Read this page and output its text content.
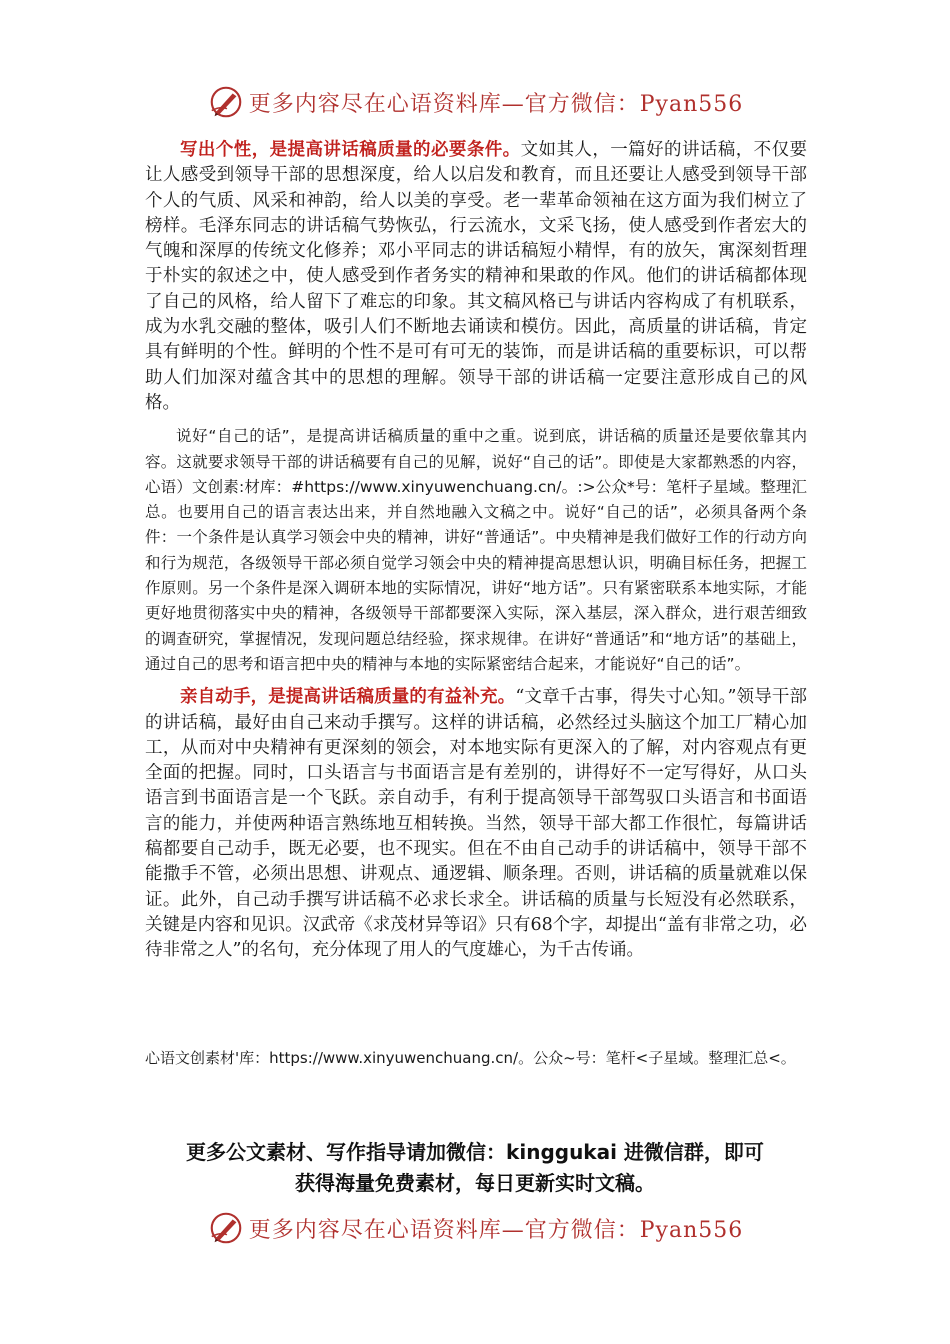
更多内容尽在心语资料库—官方微信：Pyan556

写出个性，是提高讲话稿质量的必要条件。文如其人，一篇好的讲话稿，不仅要让人感受到领导干部的思想深度，给人以启发和教育，而且还要让人感受到领导干部个人的气质、风采和神韵，给人以美的享受。老一辈革命领袖在这方面为我们树立了榜样。毛泽东同志的讲话稿气势恢弘，行云流水，文采飞扬，使人感受到作者宏大的气魄和深厚的传统文化修养；邓小平同志的讲话稿短小精悍，有的放矢，寓深刻哲理于朴实的叙述之中，使人感受到作者务实的精神和果敢的作风。他们的讲话稿都体现了自己的风格，给人留下了难忘的印象。其文稿风格已与讲话内容构成了有机联系，成为水乳交融的整体，吸引人们不断地去诵读和模仿。因此，高质量的讲话稿，肯定具有鲜明的个性。鲜明的个性不是可有可无的装饰，而是讲话稿的重要标识，可以帮助人们加深对蕴含其中的思想的理解。领导干部的讲话稿一定要注意形成自己的风格。

说好“自己的话”，是提高讲话稿质量的重中之重。说到底，讲话稿的质量还是要依靠其内容。这就要求领导干部的讲话稿要有自己的见解，说好“自己的话”。即使是大家都熟悉的内容，心语）文创素:材库：#https://www.xinyuwenchuang.cn/。:>公众*号：笔杆子星域。整理汇总。也要用自己的语言表达出来，并自然地融入文稿之中。说好“自己的话”，必须具备两个条件：一个条件是认真学习领会中央的精神，讲好“普通话”。中央精神是我们做好工作的行动方向和行为规范，各级领导干部必须自觉学习领会中央的精神提高思想认识，明确目标任务，把握工作原则。另一个条件是深入调研本地的实际情况，讲好“地方话”。只有紧密联系本地实际，才能更好地贯彻落实中央的精神，各级领导干部都要深入实际，深入基层，深入群众，进行艰苦细致的调查研究，掌握情况，发现问题总结经验，探求规律。在讲好“普通话”和“地方话”的基础上，通过自己的思考和语言把中央的精神与本地的实际紧密结合起来，才能说好“自己的话”。

亲自动手，是提高讲话稿质量的有益补充。“文章千古事，得失寸心知。”领导干部的讲话稿，最好由自己来动手撰写。这样的讲话稿，必然经过头脑这个加工厂精心加工，从而对中央精神有更深刻的领会，对本地实际有更深入的了解，对内容观点有更全面的把握。同时，口头语言与书面语言是有差别的，讲得好不一定写得好，从口头语言到书面语言是一个飞跃。亲自动手，有利于提高领导干部驾驭口头语言和书面语言的能力，并使两种语言熟练地互相转换。当然，领导干部大都工作很忙，每篇讲话稿都要自己动手，既无必要，也不现实。但在不由自己动手的讲话稿中，领导干部不能撒手不管，必须出思想、讲观点、通逻辑、顺条理。否则，讲话稿的质量就难以保证。此外，自己动手撰写讲话稿不必求长求全。讲话稿的质量与长短没有必然联系，关键是内容和见识。汉武帝《求茂材异等诏》只有68个字，却提出“盖有非常之功，必待非常之人”的名句，充分体现了用人的气度雄心，为千古传诵。

心语文创素材'库：https://www.xinyuwenchuang.cn/。公众~号：笔杆<子星域。整理汇总<。
更多公文素材、写作指导请加微信：kinggukai 进微信群，即可
获得海量免费素材，每日更新实时文稿。
更多内容尽在心语资料库—官方微信：Pyan556
